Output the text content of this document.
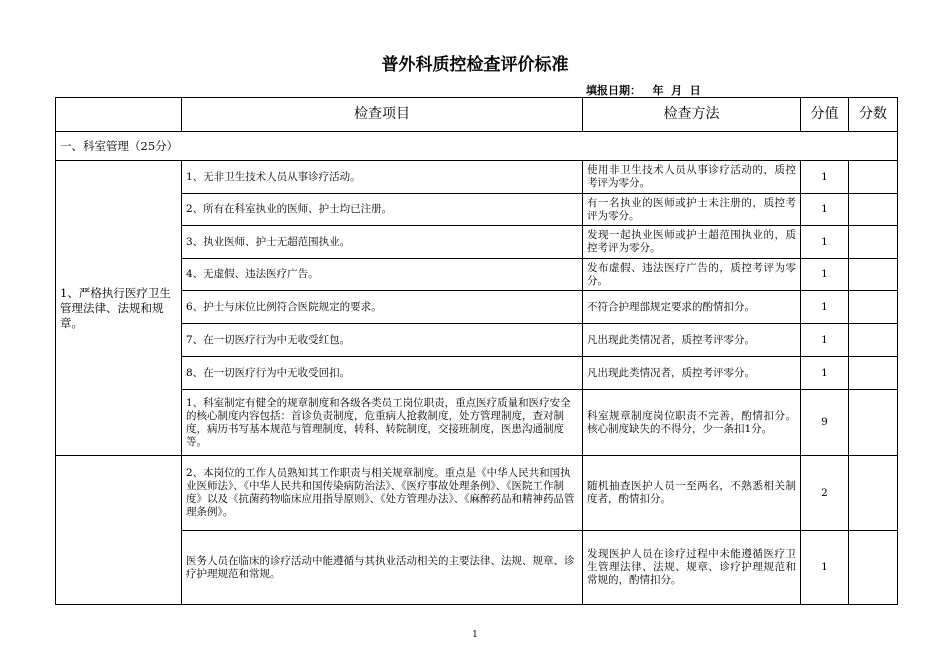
普外科质控检查评价标准
填报日期：   年  月  日
	检查项目	检查方法	分值	分数
一、科室管理（25分）				
1、严格执行医疗卫生管理法律、法规和规章。	1、无非卫生技术人员从事诊疗活动。	使用非卫生技术人员从事诊疗活动的，质控考评为零分。	1	
	2、所有在科室执业的医师、护士均已注册。	有一名执业的医师或护士未注册的，质控考评为零分。	1	
	3、执业医师、护士无超范围执业。	发现一起执业医师或护士超范围执业的，质控考评为零分。	1	
	4、无虚假、违法医疗广告。	发布虚假、违法医疗广告的，质控考评为零分。	1	
	6、护士与床位比例符合医院规定的要求。	不符合护理部规定要求的酌情扣分。	1	
	7、在一切医疗行为中无收受红包。	凡出现此类情况者，质控考评零分。	1	
	8、在一切医疗行为中无收受回扣。	凡出现此类情况者，质控考评零分。	1	
	1、科室制定有健全的规章制度和各级各类员工岗位职责，重点医疗质量和医疗安全的核心制度内容包括：首诊负责制度，危重病人抢救制度，处方管理制度，查对制度，病历书写基本规范与管理制度，转科、转院制度，交接班制度，医患沟通制度等。	科室规章制度岗位职责不完善，酌情扣分。核心制度缺失的不得分，少一条扣1分。	9	
	2、本岗位的工作人员熟知其工作职责与相关规章制度。重点是《中华人民共和国执业医师法》、《中华人民共和国传染病防治法》、《医疗事故处理条例》、《医院工作制度》以及《抗菌药物临床应用指导原则》、《处方管理办法》、《麻醉药品和精神药品管理条例》。	随机抽查医护人员一至两名，不熟悉相关制度者，酌情扣分。	2	
	医务人员在临床的诊疗活动中能遵循与其执业活动相关的主要法律、法规、规章、诊疗护理规范和常规。	发现医护人员在诊疗过程中未能遵循医疗卫生管理法律、法规、规章、诊疗护理规范和常规的，酌情扣分。	1	
1
